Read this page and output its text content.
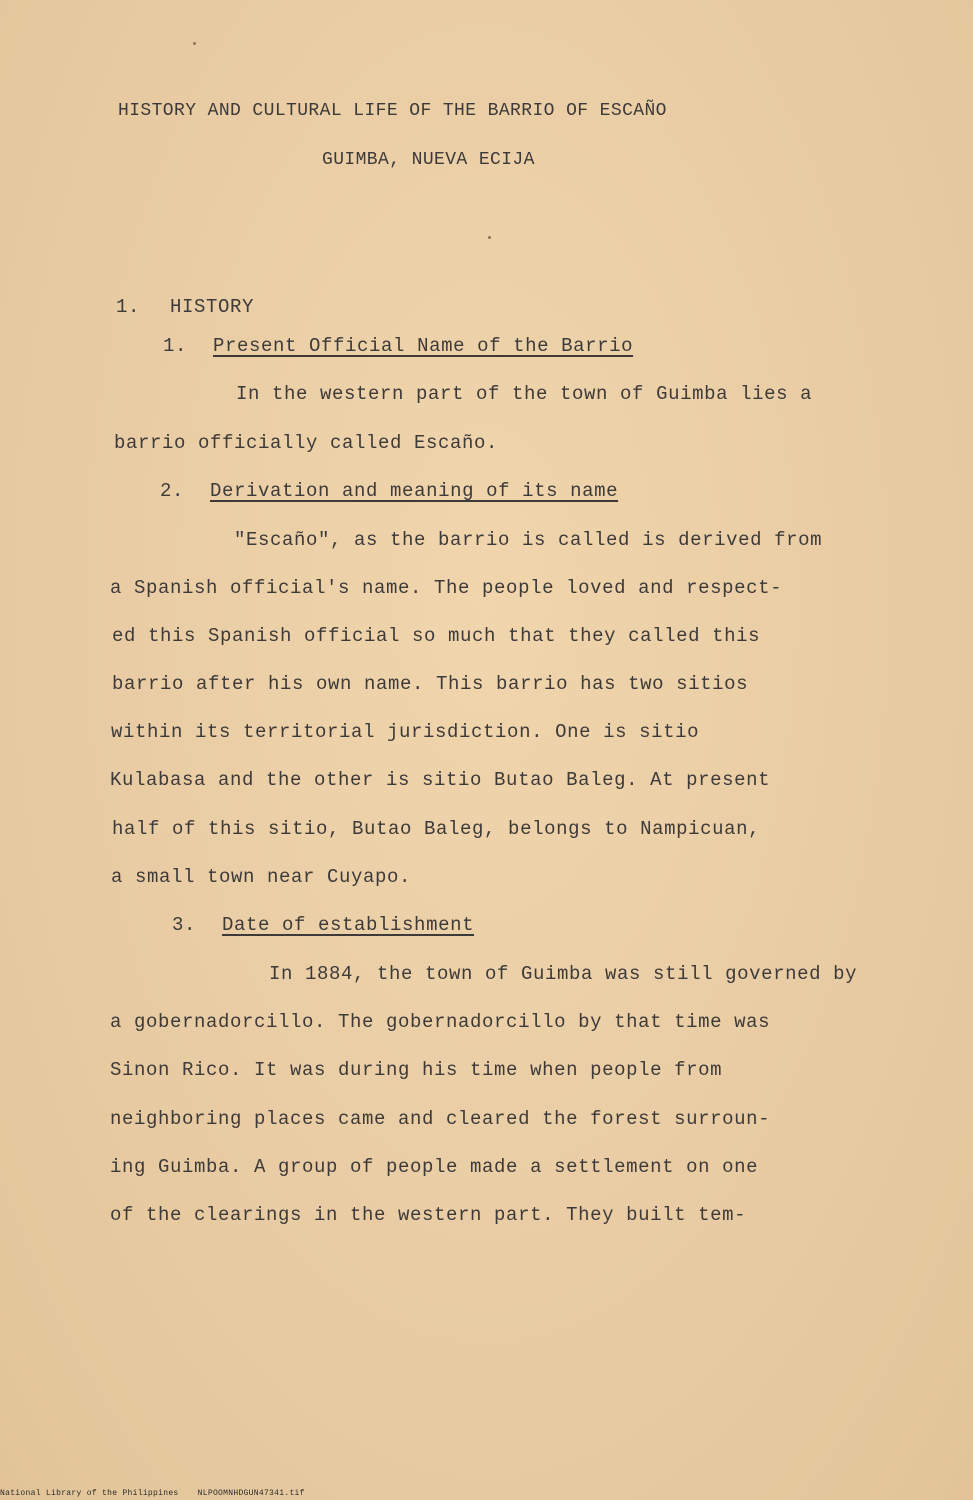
HISTORY AND CULTURAL LIFE OF THE BARRIO OF ESCAÑO
GUIMBA, NUEVA ECIJA
1. HISTORY
1. Present Official Name of the Barrio
In the western part of the town of Guimba lies a
barrio officially called Escaño.
2. Derivation and meaning of its name
"Escaño", as the barrio is called is derived from
a Spanish official's name. The people loved and respect-
ed this Spanish official so much that they called this
barrio after his own name. This barrio has two sitios
within its territorial jurisdiction. One is sitio
Kulabasa and the other is sitio Butao Baleg. At present
half of this sitio, Butao Baleg, belongs to Nampicuan,
a small town near Cuyapo.
3. Date of establishment
In 1884, the town of Guimba was still governed by
a gobernadorcillo. The gobernadorcillo by that time was
Sinon Rico. It was during his time when people from
neighboring places came and cleared the forest surroun-
ing Guimba. A group of people made a settlement on one
of the clearings in the western part. They built tem-
National Library of the Philippines NLPOOMNHDGUN47341.tif
